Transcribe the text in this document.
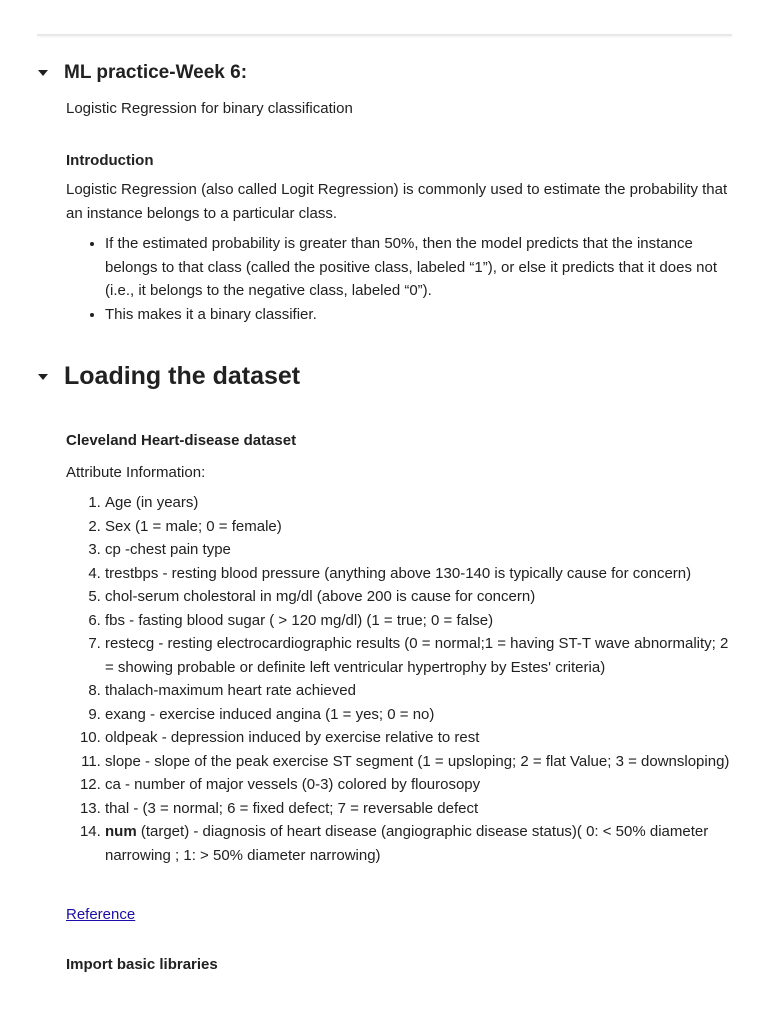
ML practice-Week 6:
Logistic Regression for binary classification
Introduction
Logistic Regression (also called Logit Regression) is commonly used to estimate the probability that an instance belongs to a particular class.
• If the estimated probability is greater than 50%, then the model predicts that the instance belongs to that class (called the positive class, labeled “1”), or else it predicts that it does not (i.e., it belongs to the negative class, labeled “0”).
• This makes it a binary classifier.
Loading the dataset
Cleveland Heart-disease dataset
Attribute Information:
1. Age (in years)
2. Sex (1 = male; 0 = female)
3. cp -chest pain type
4. trestbps - resting blood pressure (anything above 130-140 is typically cause for concern)
5. chol-serum cholestoral in mg/dl (above 200 is cause for concern)
6. fbs - fasting blood sugar ( > 120 mg/dl) (1 = true; 0 = false)
7. restecg - resting electrocardiographic results (0 = normal;1 = having ST-T wave abnormality; 2 = showing probable or definite left ventricular hypertrophy by Estes' criteria)
8. thalach-maximum heart rate achieved
9. exang - exercise induced angina (1 = yes; 0 = no)
10. oldpeak - depression induced by exercise relative to rest
11. slope - slope of the peak exercise ST segment (1 = upsloping; 2 = flat Value; 3 = downsloping)
12. ca - number of major vessels (0-3) colored by flourosopy
13. thal - (3 = normal; 6 = fixed defect; 7 = reversable defect
14. num (target) - diagnosis of heart disease (angiographic disease status)( 0: < 50% diameter narrowing ; 1: > 50% diameter narrowing)
Reference
Import basic libraries
